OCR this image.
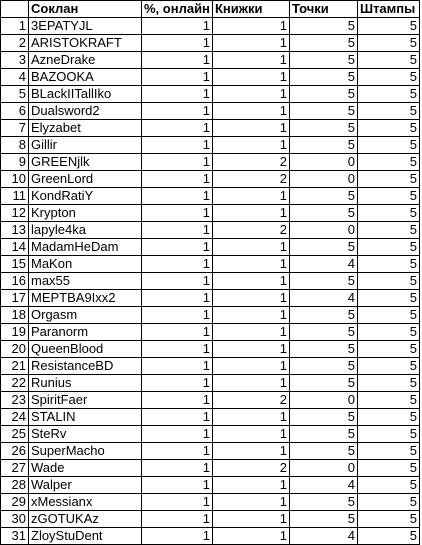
	Соклан	%, онлайн	Книжки	Точки	Штампы
1	3EPATYJL	1	1	5	5
2	ARISTOKRAFT	1	1	5	5
3	AzneDrake	1	1	5	5
4	BAZOOKA	1	1	5	5
5	BLackIITallIko	1	1	5	5
6	Dualsword2	1	1	5	5
7	Elyzabet	1	1	5	5
8	Gillir	1	1	5	5
9	GREENjlk	1	2	0	5
10	GreenLord	1	2	0	5
11	KondRatiY	1	1	5	5
12	Krypton	1	1	5	5
13	lapyle4ka	1	2	0	5
14	MadamHeDam	1	1	5	5
15	MaKon	1	1	4	5
16	max55	1	1	5	5
17	MEPTBA9Ixx2	1	1	4	5
18	Orgasm	1	1	5	5
19	Paranorm	1	1	5	5
20	QueenBlood	1	1	5	5
21	ResistanceBD	1	1	5	5
22	Runius	1	1	5	5
23	SpiritFaer	1	2	0	5
24	STALIN	1	1	5	5
25	SteRv	1	1	5	5
26	SuperMacho	1	1	5	5
27	Wade	1	2	0	5
28	Walper	1	1	4	5
29	xMessianx	1	1	5	5
30	zGOTUKAz	1	1	5	5
31	ZloyStuDent	1	1	4	5
